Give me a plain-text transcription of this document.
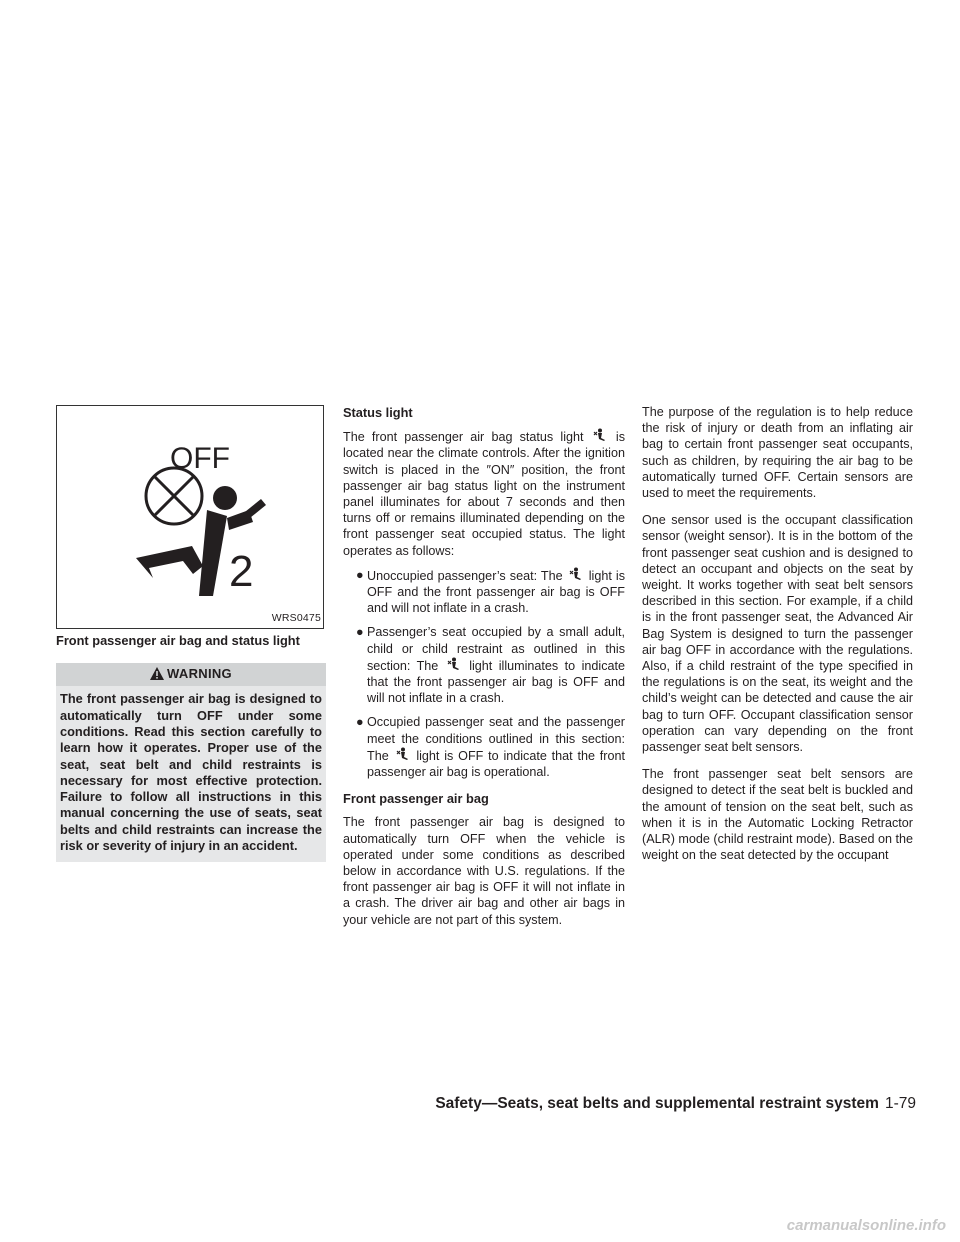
OFF
2
WRS0475
Front passenger air bag and status light
WARNING
The front passenger air bag is designed to automatically turn OFF under some conditions. Read this section carefully to learn how it operates. Proper use of the seat, seat belt and child restraints is necessary for most effective protection. Failure to follow all instructions in this manual concerning the use of seats, seat belts and child restraints can increase the risk or severity of injury in an accident.
Status light

The front passenger air bag status light	is located near the climate controls. After the ignition switch is placed in the ″ON″ position, the front passenger air bag status light on the instrument panel illuminates for about 7 seconds and then turns off or remains illuminated depending on the front passenger seat occupied status. The light operates as follows:

● Unoccupied passenger’s seat: The light is OFF and the front passenger air bag is OFF and will not inflate in a crash.
● Passenger’s seat occupied by a small adult, child or child restraint as outlined in this section: The light illuminates to indicate that the front passenger air bag is OFF and will not inflate in a crash.
● Occupied passenger seat and the passenger meet the conditions outlined in this section: The light is OFF to indicate that the front passenger air bag is operational.
Front passenger air bag

The front passenger air bag is designed to automatically turn OFF when the vehicle is operated under some conditions as described below in accordance with U.S. regulations. If the front passenger air bag is OFF it will not inflate in a crash. The driver air bag and other air bags in your vehicle are not part of this system.

The purpose of the regulation is to help reduce the risk of injury or death from an inflating air bag to certain front passenger seat occupants, such as children, by requiring the air bag to be automatically turned OFF. Certain sensors are used to meet the requirements.

One sensor used is the occupant classification sensor (weight sensor). It is in the bottom of the front passenger seat cushion and is designed to detect an occupant and objects on the seat by weight. It works together with seat belt sensors described in this section. For example, if a child is in the front passenger seat, the Advanced Air Bag System is designed to turn the passenger air bag OFF in accordance with the regulations. Also, if a child restraint of the type specified in the regulations is on the seat, its weight and the child’s weight can be detected and cause the air bag to turn OFF. Occupant classification sensor operation can vary depending on the front passenger seat belt sensors.

The front passenger seat belt sensors are designed to detect if the seat belt is buckled and the amount of tension on the seat belt, such as when it is in the Automatic Locking Retractor (ALR) mode (child restraint mode). Based on the weight on the seat detected by the occupant

Safety—Seats, seat belts and supplemental restraint system 1-79
carmanualsonline.info
